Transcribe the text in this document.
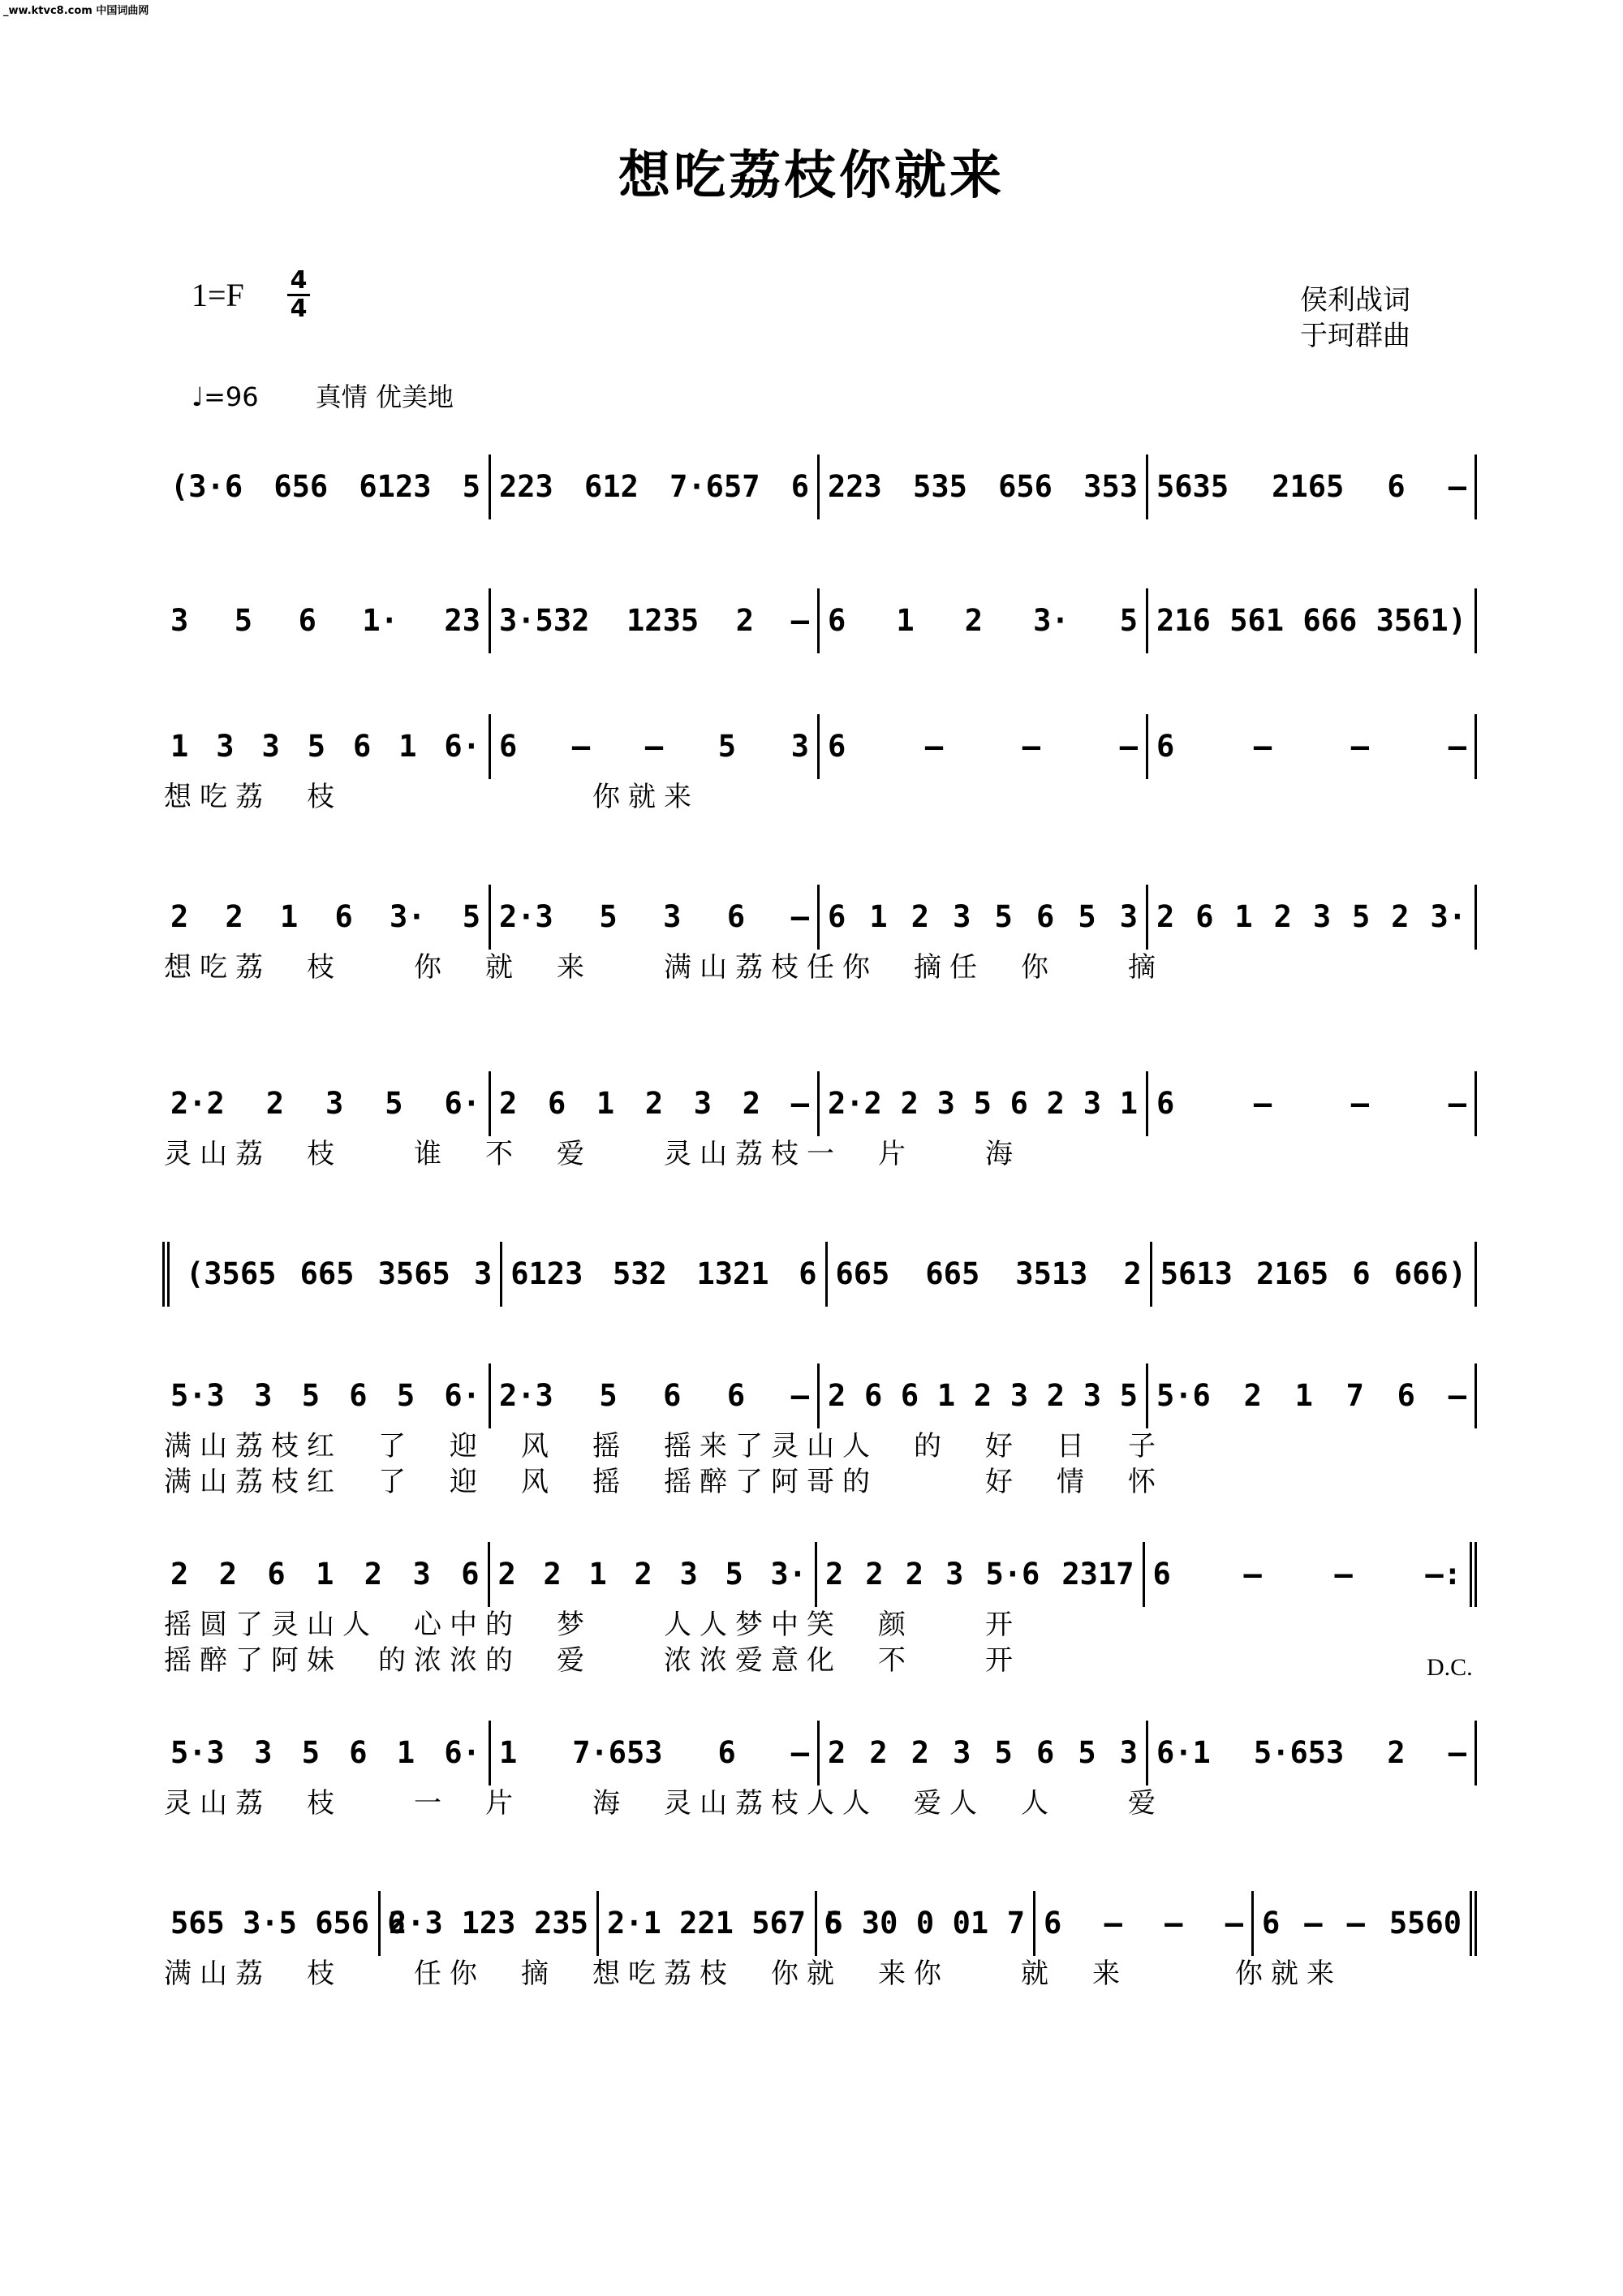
_ww.ktvc8.com 中国词曲网
想吃荔枝你就来
1=F 4
4	侯利战词
于珂群曲
♩=96 真情 优美地
(3·6 656 6123 5 223 612 7·657 6 223 535 656 353 5635 2165 6 –
3 5 6 1· 23 3·532 1235 2 – 6 1 2 3· 5 216 561 666 3561)
1 3 3 5 6 1 6· 6 – – 5 3 6 – – – 6 – – –
想吃荔　枝　　　　　　　你就来
2 2 1 6 3· 5 2·3 5 3 6 – 6 1 2 3 5 6 5 3 2 6 1 2 3 5 2 3·
想吃荔　枝　　你　就　来　　满山荔枝任你　摘任　你　　摘
2·2 2 3 5 6· 2 6 1 2 3 2 – 2·2 2 3 5 6 2 3 1 6 – – –
灵山荔　枝　　谁　不　爱　　灵山荔枝一　片　　海
(3565 665 3565 3 6123 532 1321 6 665 665 3513 2 5613 2165 6 666)
5·3 3 5 6 5 6· 2·3 5 6 6 – 2 6 6 1 2 3 2 3 5 5·6 2 1 7 6 –
满山荔枝红　了　迎　风　摇　摇来了灵山人　的　好　日　子
满山荔枝红　了　迎　风　摇　摇醉了阿哥的　　　好　情　怀
2 2 6 1 2 3 6 2 2 1 2 3 5 3· 2 2 2 3 5·6 2317 6 – – –:
摇圆了灵山人　心中的　梦　　人人梦中笑　颜　　开
摇醉了阿妹　的浓浓的　爱　　浓浓爱意化　不　　开	D.C.
5·3 3 5 6 1 6· 1 7·653 6 – 2 2 2 3 5 6 5 3 6·1 5·653 2 –
灵山荔　枝　　一　片　　海　灵山荔枝人人　爱人　人　　爱
565 3·5 656 6
2·3 123 235 2·1 221 567 6
5 30 0 01 7 6 – – – 6 – – 5560
满山荔　枝　　任你　摘　想吃荔枝　你就　来你　　就　来　　　你就来
